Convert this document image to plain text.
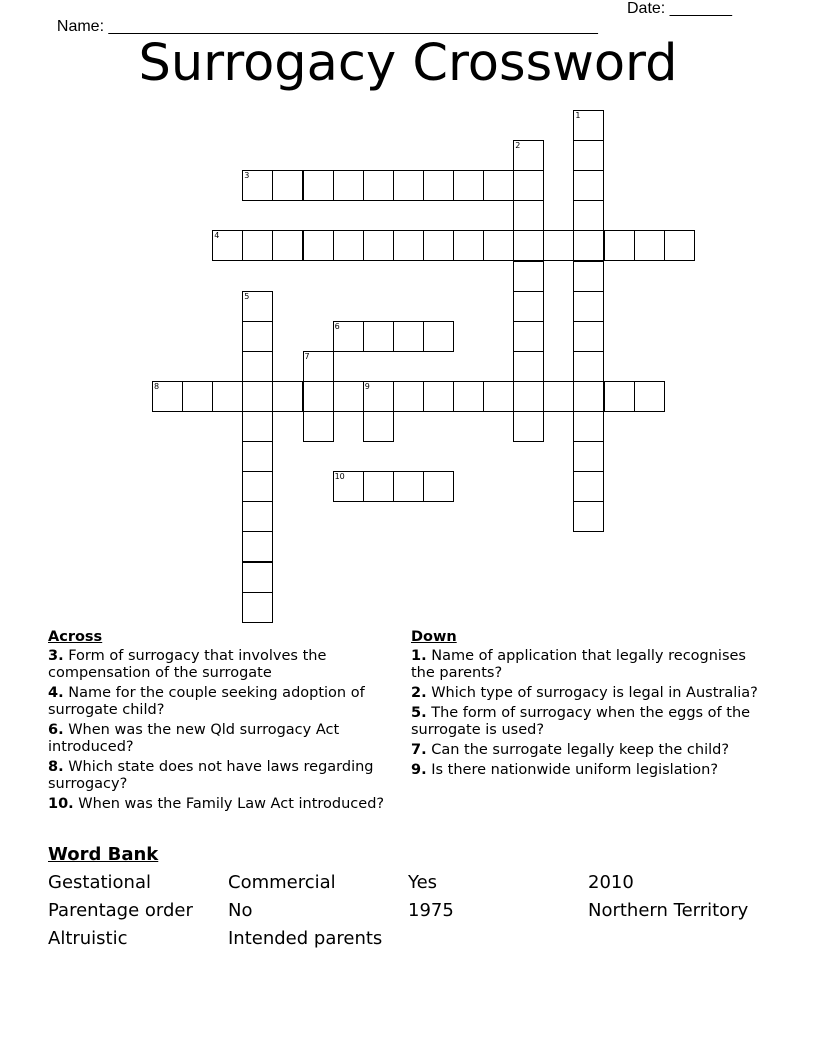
Name: _______________________________________________________

Date: _______

Surrogacy Crossword
1
2
3
4
5
6
7
8	9
10
Across
3. Form of surrogacy that involves the compensation of the surrogate
4. Name for the couple seeking adoption of surrogate child?
6. When was the new Qld surrogacy Act introduced?
8. Which state does not have laws regarding surrogacy?
10. When was the Family Law Act introduced?
Down
1. Name of application that legally recognises the parents?
2. Which type of surrogacy is legal in Australia?
5. The form of surrogacy when the eggs of the surrogate is used?
7. Can the surrogate legally keep the child?
9. Is there nationwide uniform legislation?
Word Bank
Gestational	Commercial	Yes	2010
Parentage order	No	1975	Northern Territory
Altruistic	Intended parents
